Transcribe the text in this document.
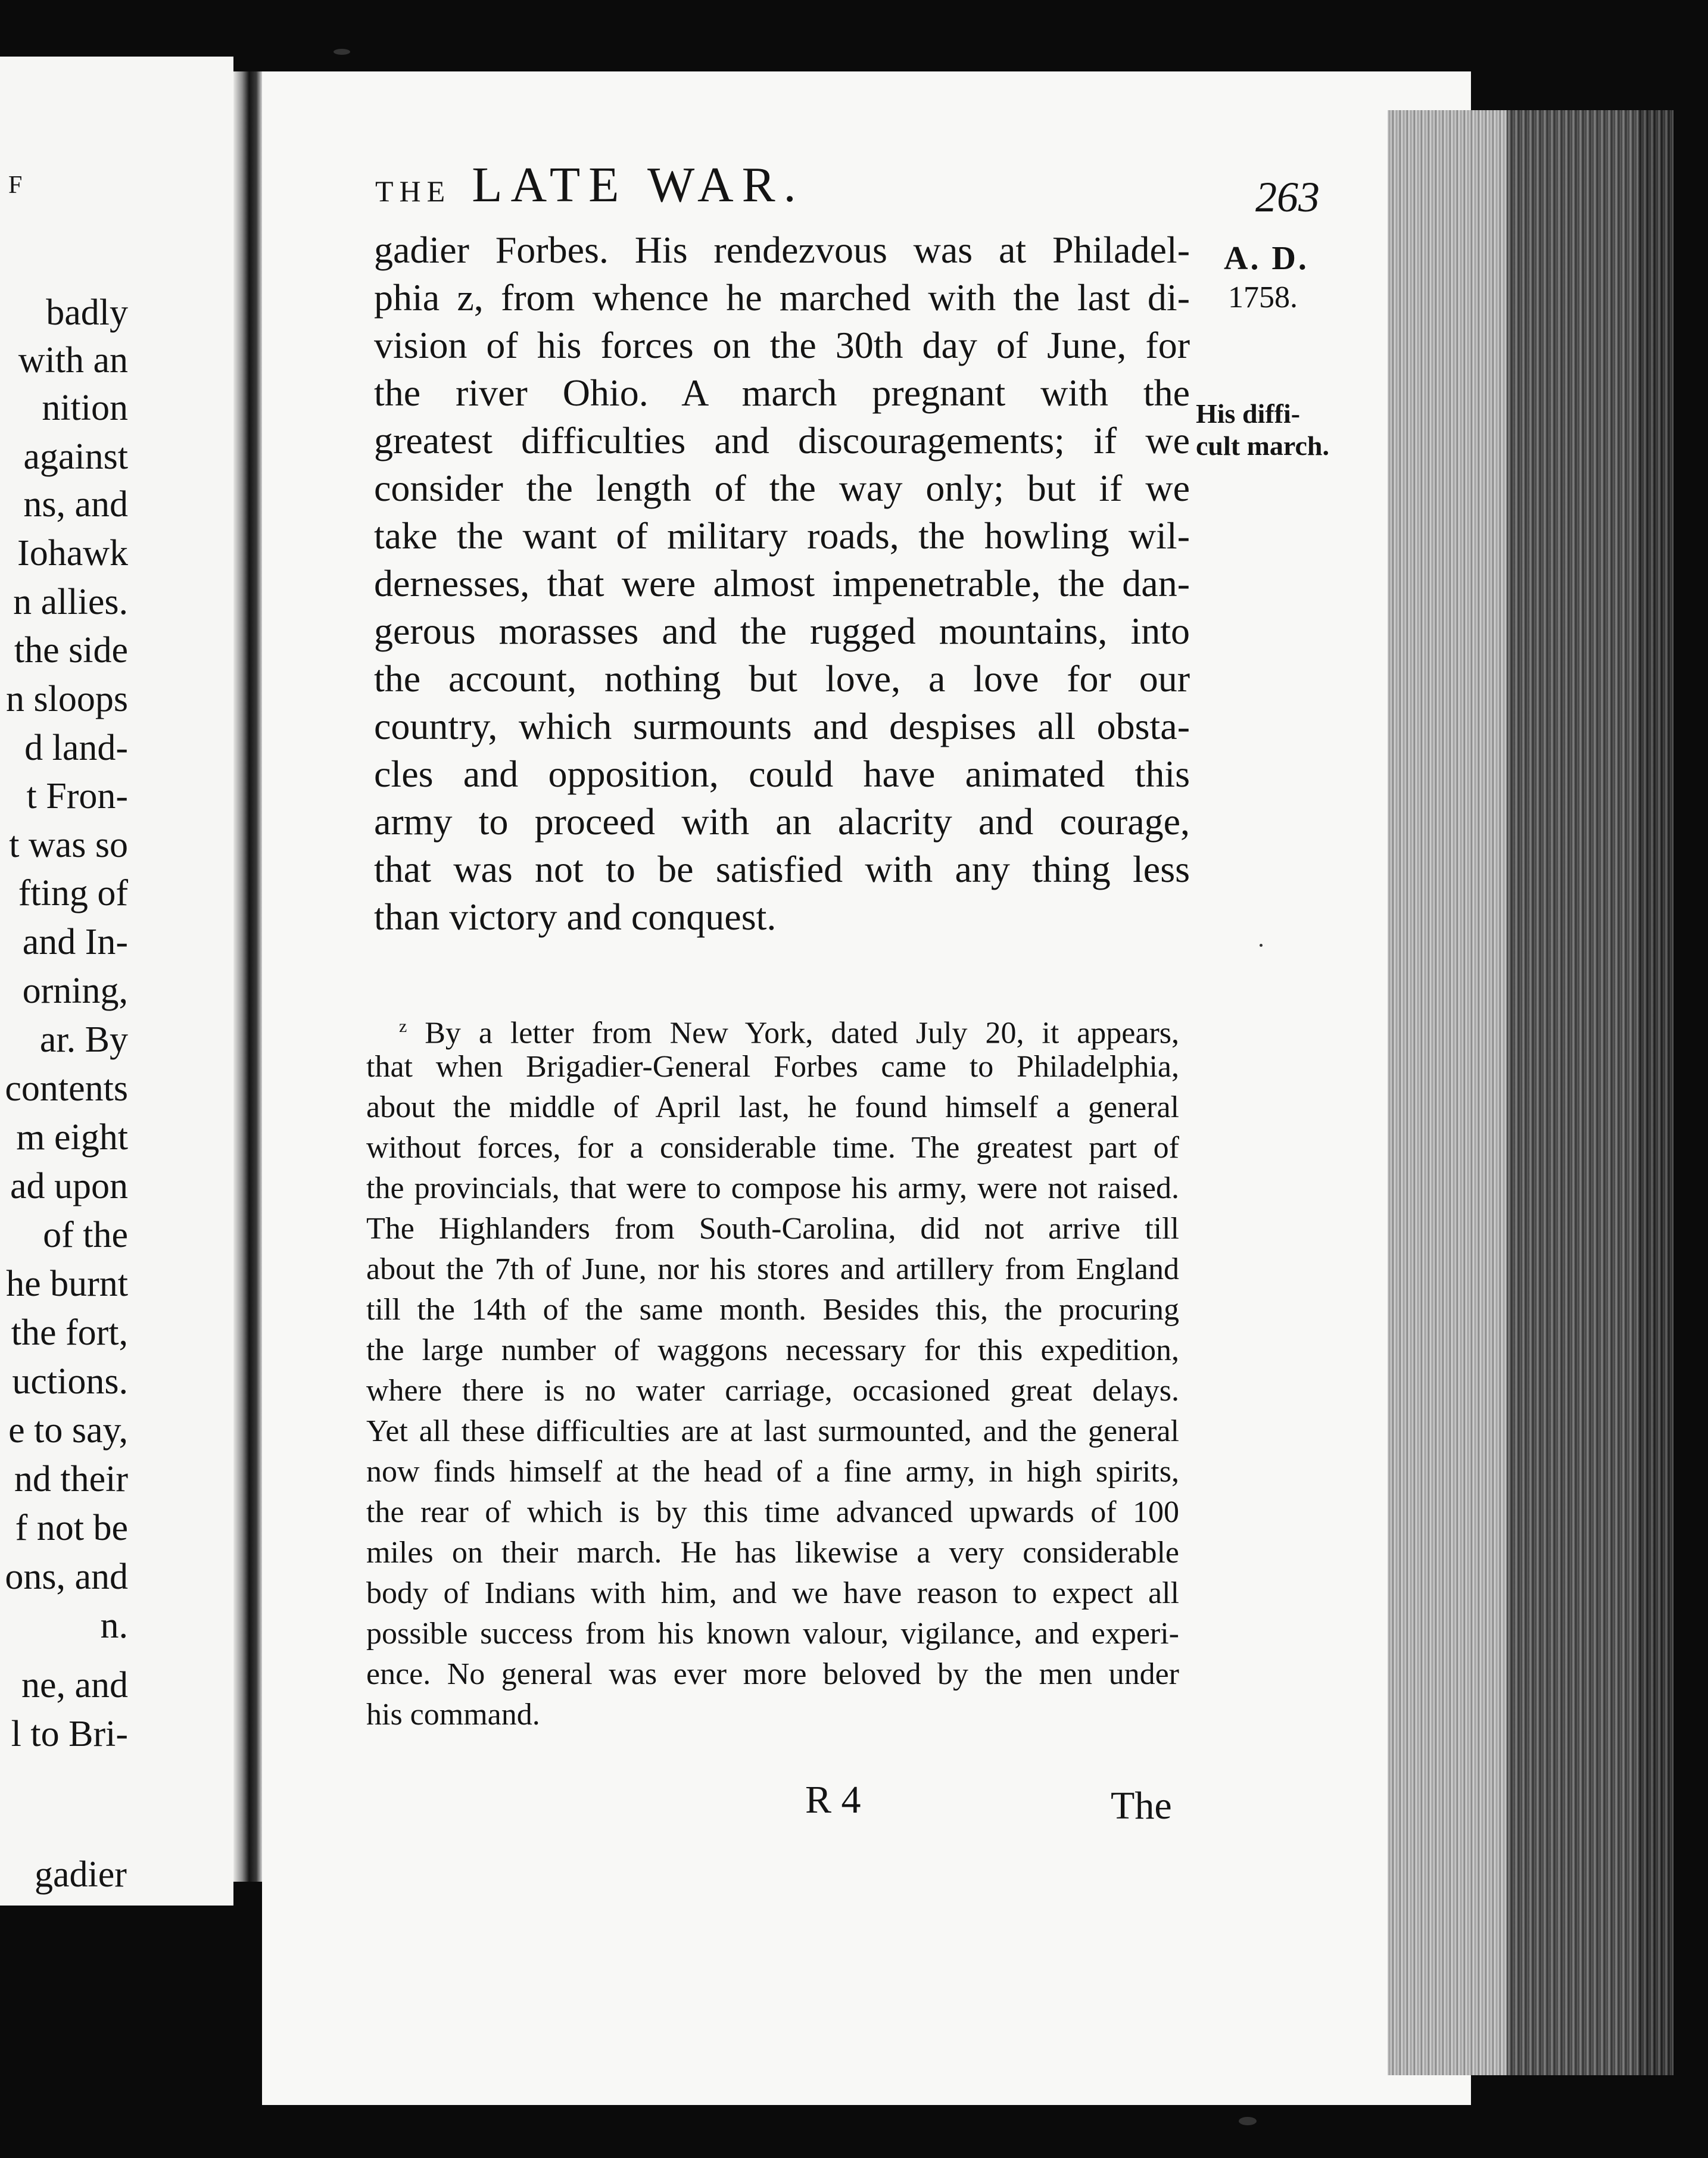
F
badly
with an
nition
against
ns, and
Iohawk
n allies.
the side
n sloops
d land-
t Fron-
t was so
fting of
and In-
orning,
ar. By
contents
m eight
ad upon
of the
he burnt
the fort,
uctions.
e to say,
nd their
f not be
ons, and
n.
ne, and
l to Bri-
gadier
THE LATE WAR.	263
A. D.
1758.
His diffi-
cult march.
gadier Forbes. His rendezvous was at Philadel-
phia z, from whence he marched with the last di-
vision of his forces on the 30th day of June, for
the river Ohio. A march pregnant with the
greatest difficulties and discouragements; if we
consider the length of the way only; but if we
take the want of military roads, the howling wil-
dernesses, that were almost impenetrable, the dan-
gerous morasses and the rugged mountains, into
the account, nothing but love, a love for our
country, which surmounts and despises all obsta-
cles and opposition, could have animated this
army to proceed with an alacrity and courage,
that was not to be satisfied with any thing less
than victory and conquest.
$^z$ By a letter from New York, dated July 20, it appears,
that when Brigadier-General Forbes came to Philadelphia,
about the middle of April last, he found himself a general
without forces, for a considerable time. The greatest part of
the provincials, that were to compose his army, were not raised.
The Highlanders from South-Carolina, did not arrive till
about the 7th of June, nor his stores and artillery from England
till the 14th of the same month. Besides this, the procuring
the large number of waggons necessary for this expedition,
where there is no water carriage, occasioned great delays.
Yet all these difficulties are at last surmounted, and the general
now finds himself at the head of a fine army, in high spirits,
the rear of which is by this time advanced upwards of 100
miles on their march. He has likewise a very considerable
body of Indians with him, and we have reason to expect all
possible success from his known valour, vigilance, and experi-
ence. No general was ever more beloved by the men under
his command.
R 4	The
